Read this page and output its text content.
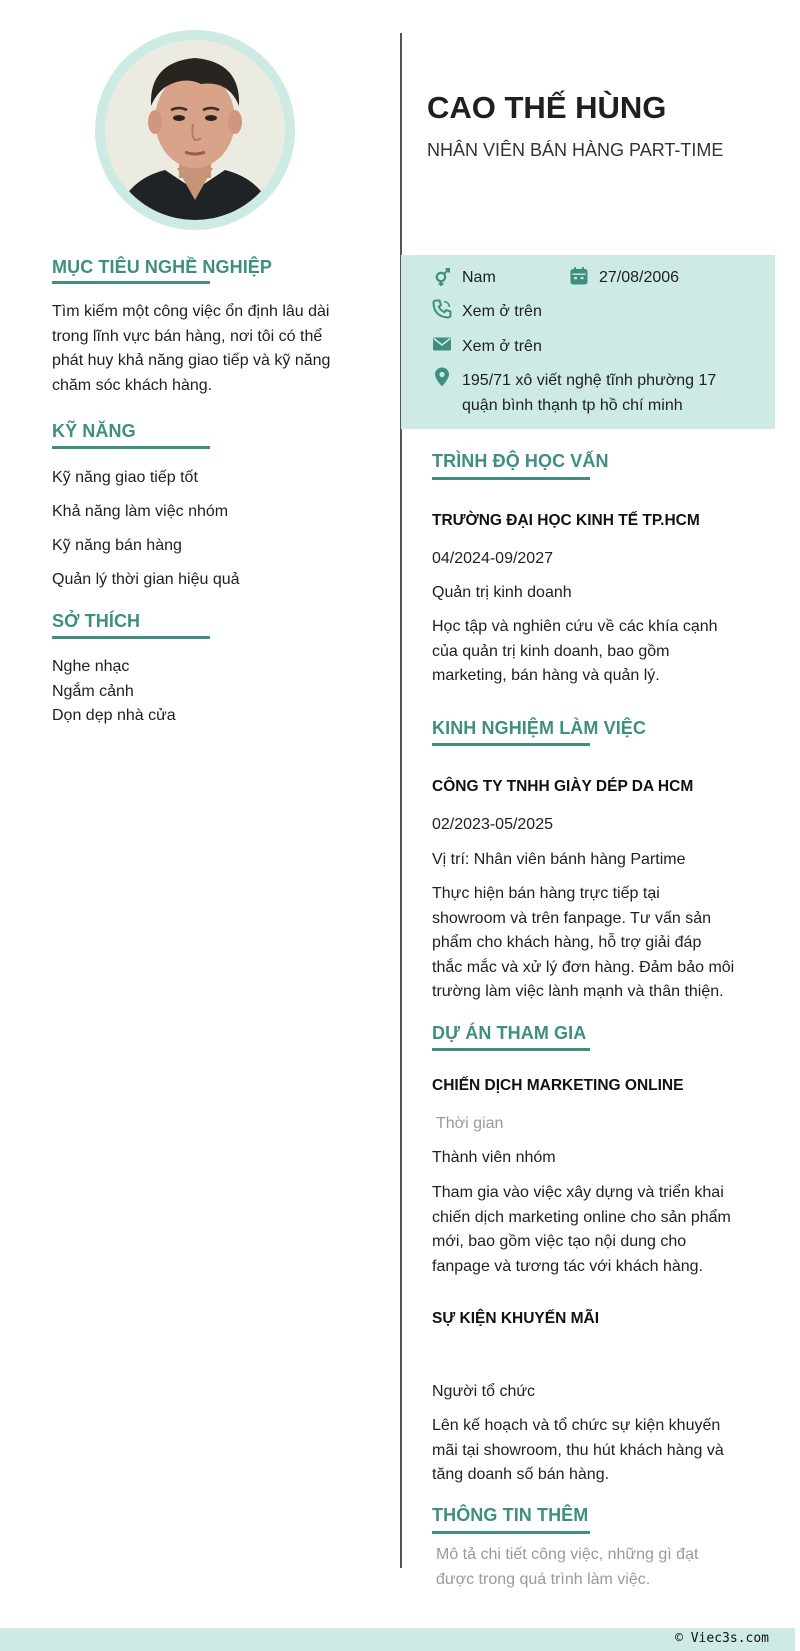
MỤC TIÊU NGHỀ NGHIỆP
Tìm kiếm một công việc ổn định lâu dài
trong lĩnh vực bán hàng, nơi tôi có thể
phát huy khả năng giao tiếp và kỹ năng
chăm sóc khách hàng.
KỸ NĂNG
Kỹ năng giao tiếp tốt
Khả năng làm việc nhóm
Kỹ năng bán hàng
Quản lý thời gian hiệu quả
SỞ THÍCH
Nghe nhạc
Ngắm cảnh
Dọn dẹp nhà cửa
CAO THẾ HÙNG
NHÂN VIÊN BÁN HÀNG PART-TIME
Nam	27/08/2006
Xem ở trên
Xem ở trên
195/71 xô viết nghệ tĩnh phường 17
quận bình thạnh tp hồ chí minh
TRÌNH ĐỘ HỌC VẤN
TRƯỜNG ĐẠI HỌC KINH TẾ TP.HCM
04/2024-09/2027
Quản trị kinh doanh
Học tập và nghiên cứu về các khía cạnh
của quản trị kinh doanh, bao gồm
marketing, bán hàng và quản lý.
KINH NGHIỆM LÀM VIỆC
CÔNG TY TNHH GIÀY DÉP DA HCM
02/2023-05/2025
Vị trí: Nhân viên bánh hàng Partime
Thực hiện bán hàng trực tiếp tại
showroom và trên fanpage. Tư vấn sản
phẩm cho khách hàng, hỗ trợ giải đáp
thắc mắc và xử lý đơn hàng. Đảm bảo môi
trường làm việc lành mạnh và thân thiện.
DỰ ÁN THAM GIA
CHIẾN DỊCH MARKETING ONLINE
Thời gian
Thành viên nhóm
Tham gia vào việc xây dựng và triển khai
chiến dịch marketing online cho sản phẩm
mới, bao gồm việc tạo nội dung cho
fanpage và tương tác với khách hàng.
SỰ KIỆN KHUYẾN MÃI
Người tổ chức
Lên kế hoạch và tổ chức sự kiện khuyến
mãi tại showroom, thu hút khách hàng và
tăng doanh số bán hàng.
THÔNG TIN THÊM
Mô tả chi tiết công việc, những gì đạt
được trong quá trình làm việc.
© Viec3s.com
